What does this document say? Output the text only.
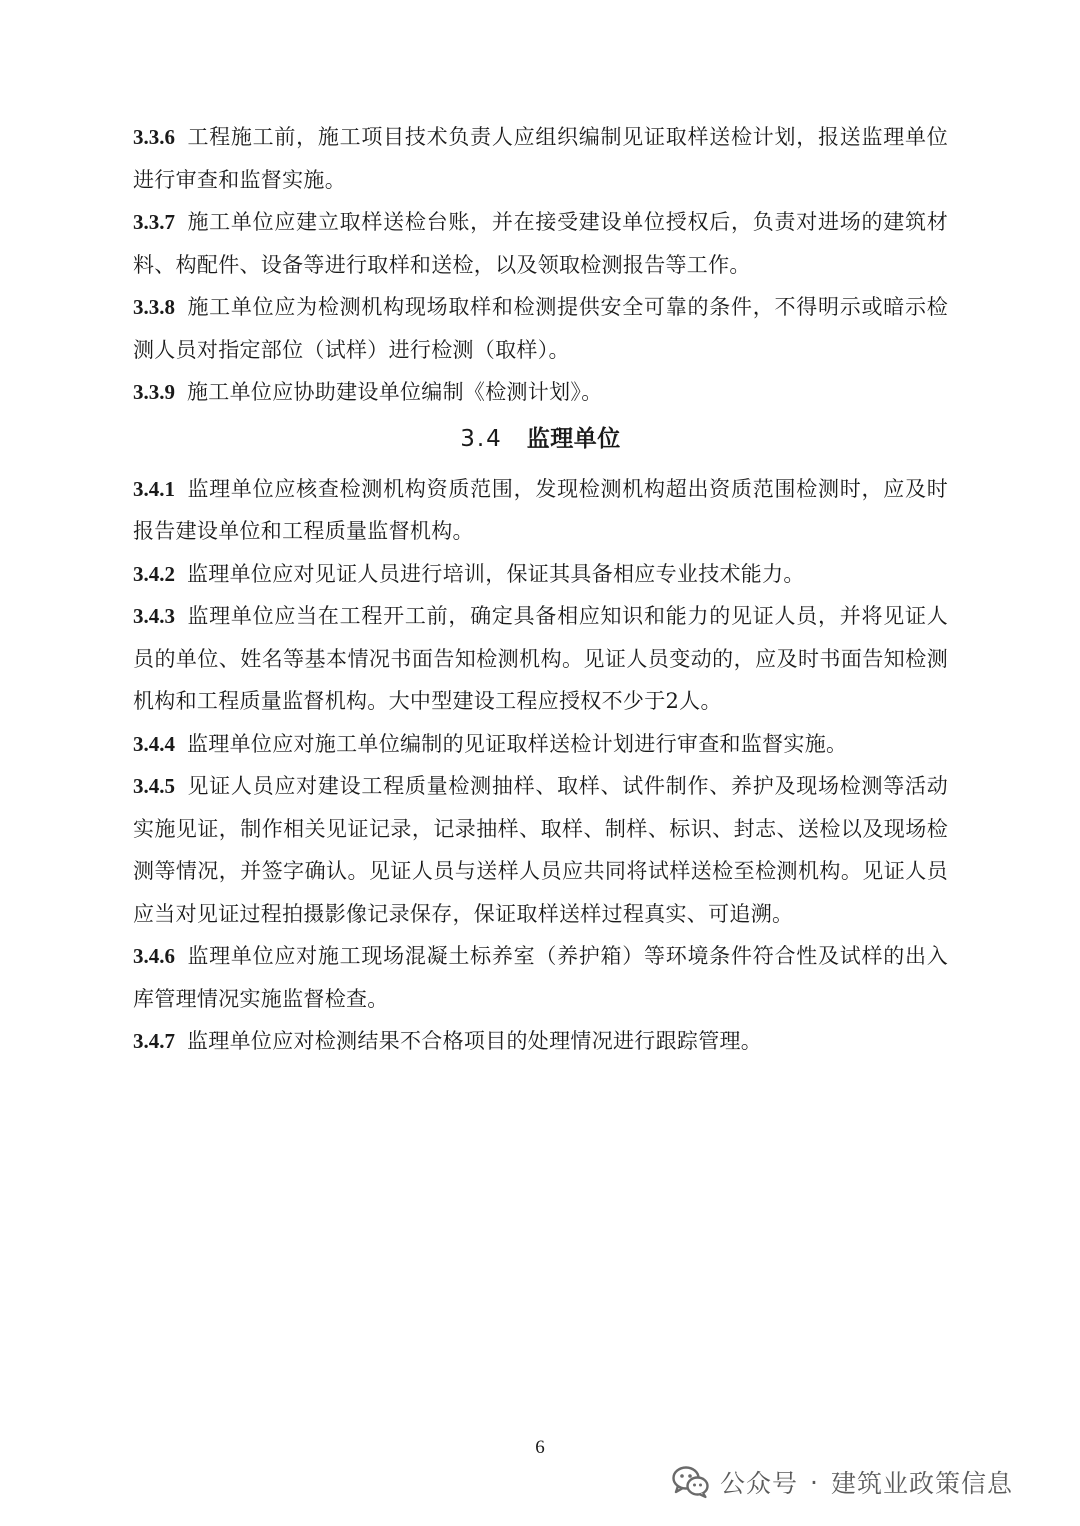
3.3.6 工程施工前，施工项目技术负责人应组织编制见证取样送检计划，报送监理单位进行审查和监督实施。

3.3.7 施工单位应建立取样送检台账，并在接受建设单位授权后，负责对进场的建筑材料、构配件、设备等进行取样和送检，以及领取检测报告等工作。

3.3.8 施工单位应为检测机构现场取样和检测提供安全可靠的条件，不得明示或暗示检测人员对指定部位（试样）进行检测（取样）。

3.3.9 施工单位应协助建设单位编制《检测计划》。

3.4 监理单位

3.4.1 监理单位应核查检测机构资质范围，发现检测机构超出资质范围检测时，应及时报告建设单位和工程质量监督机构。

3.4.2 监理单位应对见证人员进行培训，保证其具备相应专业技术能力。

3.4.3 监理单位应当在工程开工前，确定具备相应知识和能力的见证人员，并将见证人员的单位、姓名等基本情况书面告知检测机构。见证人员变动的，应及时书面告知检测机构和工程质量监督机构。大中型建设工程应授权不少于2人。

3.4.4 监理单位应对施工单位编制的见证取样送检计划进行审查和监督实施。

3.4.5 见证人员应对建设工程质量检测抽样、取样、试件制作、养护及现场检测等活动实施见证，制作相关见证记录，记录抽样、取样、制样、标识、封志、送检以及现场检测等情况，并签字确认。见证人员与送样人员应共同将试样送检至检测机构。见证人员应当对见证过程拍摄影像记录保存，保证取样送样过程真实、可追溯。

3.4.6 监理单位应对施工现场混凝土标养室（养护箱）等环境条件符合性及试样的出入库管理情况实施监督检查。

3.4.7 监理单位应对检测结果不合格项目的处理情况进行跟踪管理。

6
公众号 · 建筑业政策信息
